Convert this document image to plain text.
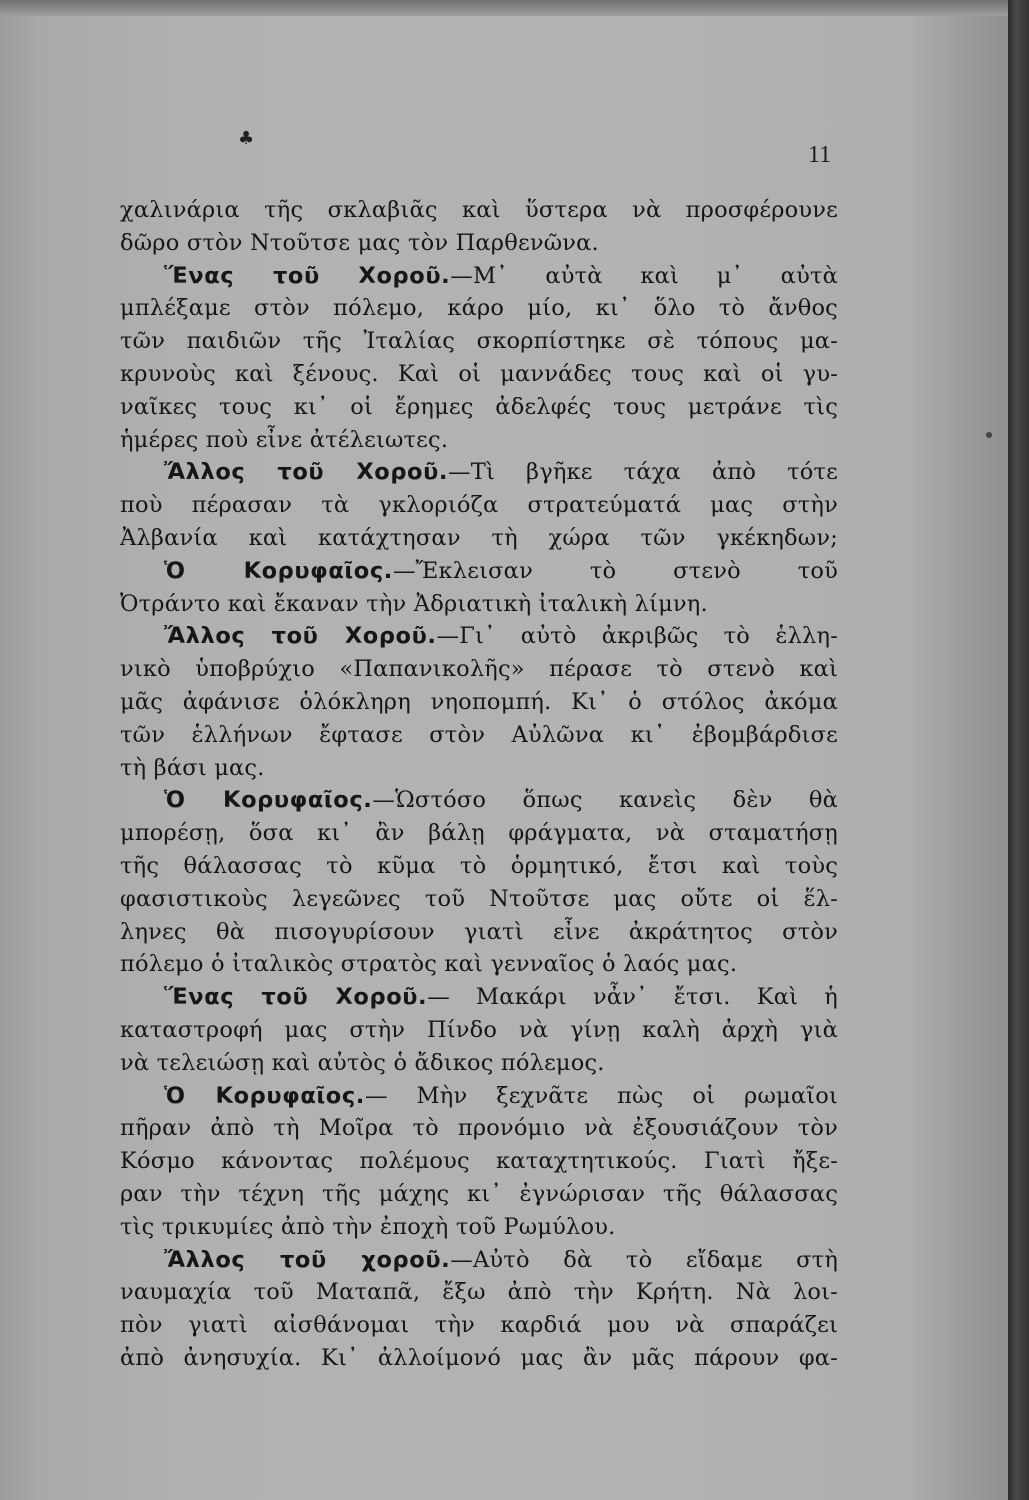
♣
11
χαλινάρια τῆς σκλαβιᾶς καὶ ὕστερα νὰ προσφέρουνε
δῶρο στὸν Ντοῦτσε μας τὸν Παρθενῶνα.
Ἕνας τοῦ Χοροῦ.—Μ᾽ αὐτὰ καὶ μ᾽ αὐτὰ
μπλέξαμε στὸν πόλεμο, κάρο μίο, κι᾽ ὅλο τὸ ἄνθος
τῶν παιδιῶν τῆς Ἰταλίας σκορπίστηκε σὲ τόπους μα-
κρυνοὺς καὶ ξένους. Καὶ οἱ μαννάδες τους καὶ οἱ γυ-
ναῖκες τους κι᾽ οἱ ἔρημες ἀδελφές τους μετράνε τὶς
ἡμέρες ποὺ εἶνε ἀτέλειωτες.
Ἄλλος τοῦ Χοροῦ.—Τὶ βγῆκε τάχα ἀπὸ τότε
ποὺ πέρασαν τὰ γκλοριόζα στρατεύματά μας στὴν
Ἀλβανία καὶ κατάχτησαν τὴ χώρα τῶν γκέκηδων;
Ὁ Κορυφαῖος.—Ἔκλεισαν τὸ στενὸ τοῦ
Ὀτράντο καὶ ἔκαναν τὴν Ἀδριατικὴ ἰταλικὴ λίμνη.
Ἄλλος τοῦ Χοροῦ.—Γι᾽ αὐτὸ ἀκριβῶς τὸ ἑλλη-
νικὸ ὑποβρύχιο «Παπανικολῆς» πέρασε τὸ στενὸ καὶ
μᾶς ἀφάνισε ὁλόκληρη νηοπομπή. Κι᾽ ὁ στόλος ἀκόμα
τῶν ἑλλήνων ἔφτασε στὸν Αὐλῶνα κι᾽ ἐβομβάρδισε
τὴ βάσι μας.
Ὁ Κορυφαῖος.—Ὡστόσο ὅπως κανεὶς δὲν θὰ
μπορέσῃ, ὅσα κι᾽ ἂν βάλῃ φράγματα, νὰ σταματήσῃ
τῆς θάλασσας τὸ κῦμα τὸ ὁρμητικό, ἔτσι καὶ τοὺς
φασιστικοὺς λεγεῶνες τοῦ Ντοῦτσε μας οὔτε οἱ ἕλ-
ληνες θὰ πισογυρίσουν γιατὶ εἶνε ἀκράτητος στὸν
πόλεμο ὁ ἰταλικὸς στρατὸς καὶ γενναῖος ὁ λαός μας.
Ἕνας τοῦ Χοροῦ.— Μακάρι νἆν᾽ ἔτσι. Καὶ ἡ
καταστροφή μας στὴν Πίνδο νὰ γίνῃ καλὴ ἀρχὴ γιὰ
νὰ τελειώσῃ καὶ αὐτὸς ὁ ἄδικος πόλεμος.
Ὁ Κορυφαῖος.— Μὴν ξεχνᾶτε πὼς οἱ ρωμαῖοι
πῆραν ἀπὸ τὴ Μοῖρα τὸ προνόμιο νὰ ἐξουσιάζουν τὸν
Κόσμο κάνοντας πολέμους καταχτητικούς. Γιατὶ ἤξε-
ραν τὴν τέχνη τῆς μάχης κι᾽ ἐγνώρισαν τῆς θάλασσας
τὶς τρικυμίες ἀπὸ τὴν ἐποχὴ τοῦ Ρωμύλου.
Ἄλλος τοῦ χοροῦ.—Αὐτὸ δὰ τὸ εἴδαμε στὴ
ναυμαχία τοῦ Ματαπᾶ, ἔξω ἀπὸ τὴν Κρήτη. Νὰ λοι-
πὸν γιατὶ αἰσθάνομαι τὴν καρδιά μου νὰ σπαράζει
ἀπὸ ἀνησυχία. Κι᾽ ἀλλοίμονό μας ἂν μᾶς πάρουν φα-
